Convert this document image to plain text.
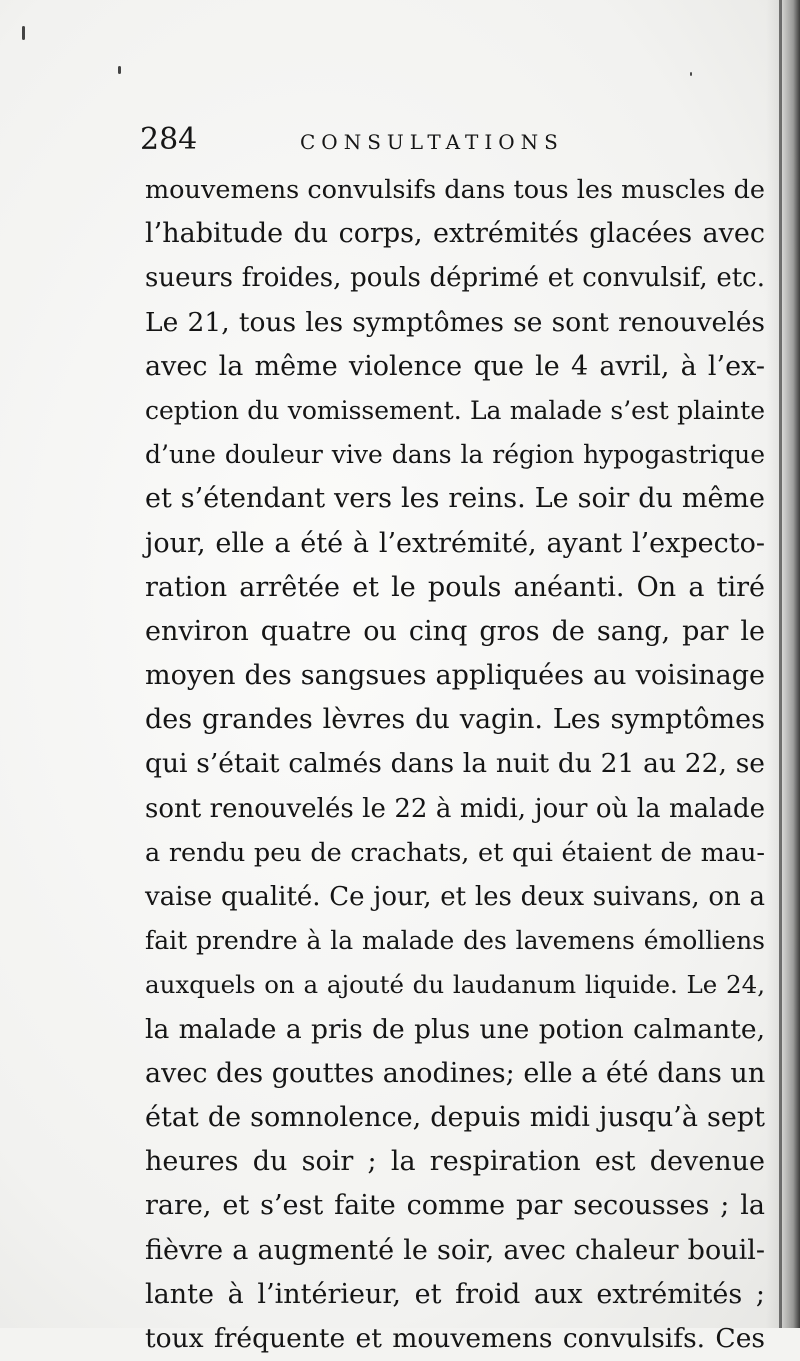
284	CONSULTATIONS
mouvemens convulsifs dans tous les muscles de
l’habitude du corps, extrémités glacées avec
sueurs froides, pouls déprimé et convulsif, etc.
Le 21, tous les symptômes se sont renouvelés
avec la même violence que le 4 avril, à l’ex-
ception du vomissement. La malade s’est plainte
d’une douleur vive dans la région hypogastrique
et s’étendant vers les reins. Le soir du même
jour, elle a été à l’extrémité, ayant l’expecto-
ration arrêtée et le pouls anéanti. On a tiré
environ quatre ou cinq gros de sang, par le
moyen des sangsues appliquées au voisinage
des grandes lèvres du vagin. Les symptômes
qui s’était calmés dans la nuit du 21 au 22, se
sont renouvelés le 22 à midi, jour où la malade
a rendu peu de crachats, et qui étaient de mau-
vaise qualité. Ce jour, et les deux suivans, on a
fait prendre à la malade des lavemens émolliens
auxquels on a ajouté du laudanum liquide. Le 24,
la malade a pris de plus une potion calmante,
avec des gouttes anodines; elle a été dans un
état de somnolence, depuis midi jusqu’à sept
heures du soir ; la respiration est devenue
rare, et s’est faite comme par secousses ; la
fièvre a augmenté le soir, avec chaleur bouil-
lante à l’intérieur, et froid aux extrémités ;
toux fréquente et mouvemens convulsifs. Ces
